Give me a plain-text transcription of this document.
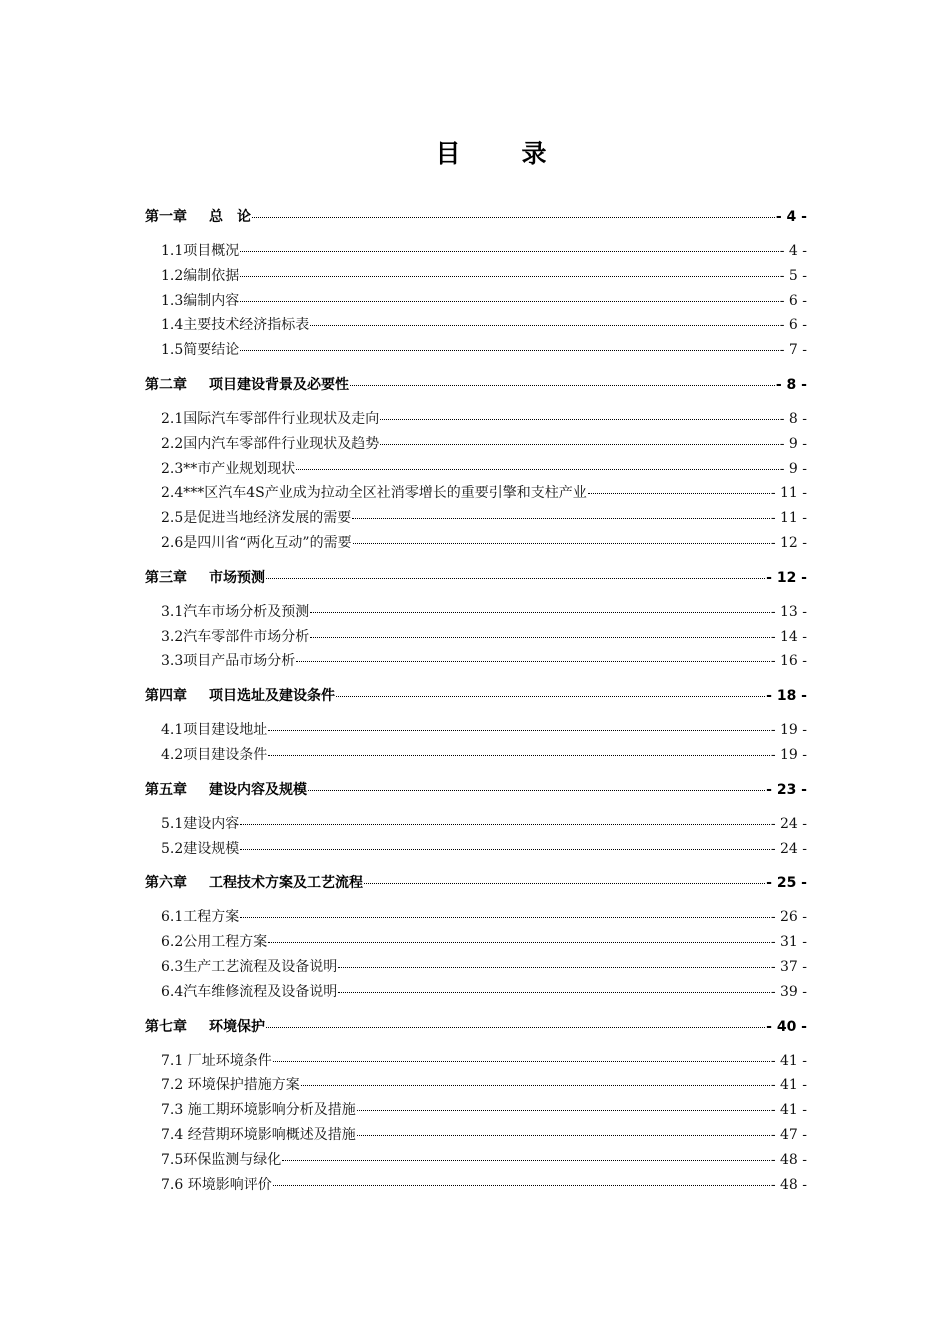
目　录
第一章 总　论	- 4 -
1.1项目概况	- 4 -
1.2编制依据	- 5 -
1.3编制内容	- 6 -
1.4主要技术经济指标表	- 6 -
1.5简要结论	- 7 -
第二章 项目建设背景及必要性	- 8 -
2.1国际汽车零部件行业现状及走向	- 8 -
2.2国内汽车零部件行业现状及趋势	- 9 -
2.3**市产业规划现状	- 9 -
2.4***区汽车4S产业成为拉动全区社消零增长的重要引擎和支柱产业	- 11 -
2.5是促进当地经济发展的需要	- 11 -
2.6是四川省“两化互动”的需要	- 12 -
第三章 市场预测	- 12 -
3.1汽车市场分析及预测	- 13 -
3.2汽车零部件市场分析	- 14 -
3.3项目产品市场分析	- 16 -
第四章 项目选址及建设条件	- 18 -
4.1项目建设地址	- 19 -
4.2项目建设条件	- 19 -
第五章 建设内容及规模	- 23 -
5.1建设内容	- 24 -
5.2建设规模	- 24 -
第六章 工程技术方案及工艺流程	- 25 -
6.1工程方案	- 26 -
6.2公用工程方案	- 31 -
6.3生产工艺流程及设备说明	- 37 -
6.4汽车维修流程及设备说明	- 39 -
第七章 环境保护	- 40 -
7.1 厂址环境条件	- 41 -
7.2 环境保护措施方案	- 41 -
7.3 施工期环境影响分析及措施	- 41 -
7.4 经营期环境影响概述及措施	- 47 -
7.5环保监测与绿化	- 48 -
7.6 环境影响评价	- 48 -
